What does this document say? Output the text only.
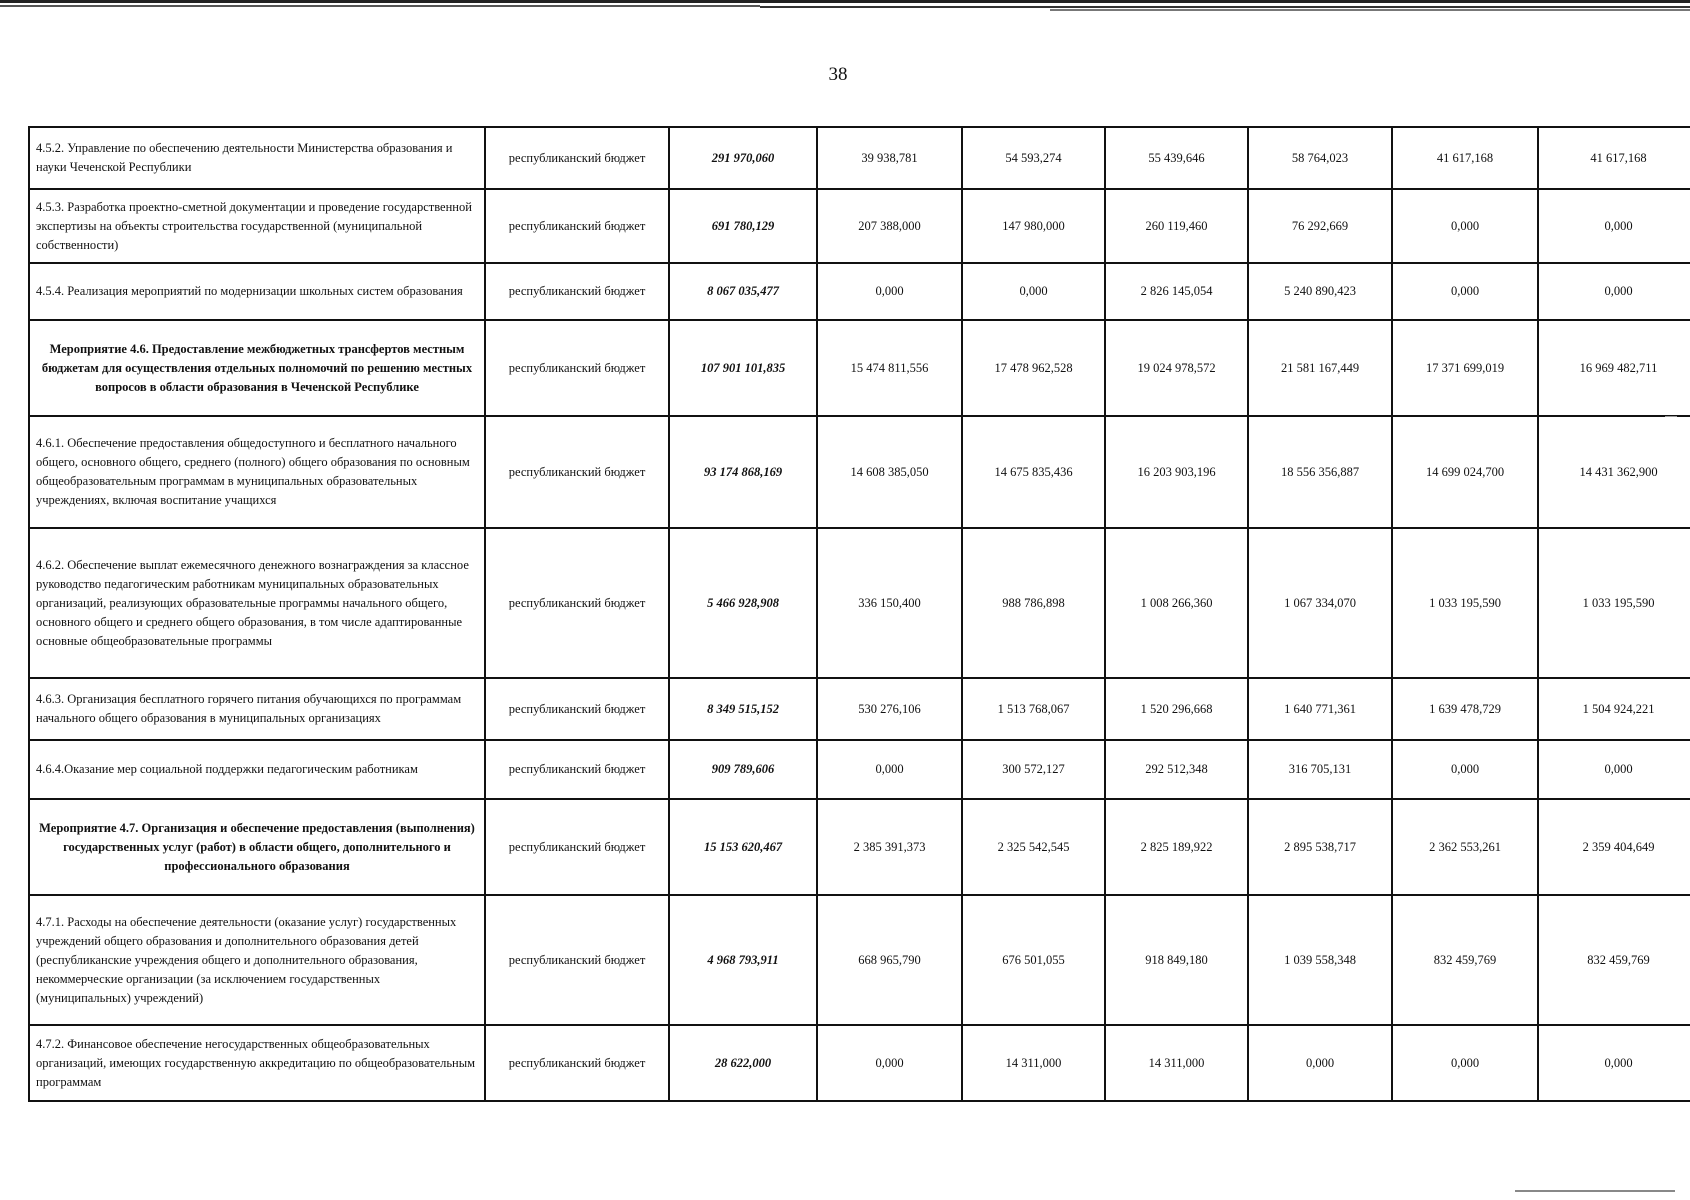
38
4.5.2. Управление по обеспечению деятельности Министерства образования и науки Чеченской Республики	республиканский бюджет	291 970,060	39 938,781	54 593,274	55 439,646	58 764,023	41 617,168	41 617,168
4.5.3. Разработка проектно-сметной документации и проведение государственной экспертизы на объекты строительства государственной (муниципальной собственности)	республиканский бюджет	691 780,129	207 388,000	147 980,000	260 119,460	76 292,669	0,000	0,000
4.5.4. Реализация мероприятий по модернизации школьных систем образования	республиканский бюджет	8 067 035,477	0,000	0,000	2 826 145,054	5 240 890,423	0,000	0,000
Мероприятие 4.6. Предоставление межбюджетных трансфертов местным бюджетам для осуществления отдельных полномочий по решению местных вопросов в области образования в Чеченской Республике	республиканский бюджет	107 901 101,835	15 474 811,556	17 478 962,528	19 024 978,572	21 581 167,449	17 371 699,019	16 969 482,711
4.6.1. Обеспечение предоставления общедоступного и бесплатного начального общего, основного общего, среднего (полного) общего образования по основным общеобразовательным программам в муниципальных образовательных учреждениях, включая воспитание учащихся	республиканский бюджет	93 174 868,169	14 608 385,050	14 675 835,436	16 203 903,196	18 556 356,887	14 699 024,700	14 431 362,900
4.6.2. Обеспечение выплат ежемесячного денежного вознаграждения за классное руководство педагогическим работникам муниципальных образовательных организаций, реализующих образовательные программы начального общего, основного общего и среднего общего образования, в том числе адаптированные основные общеобразовательные программы	республиканский бюджет	5 466 928,908	336 150,400	988 786,898	1 008 266,360	1 067 334,070	1 033 195,590	1 033 195,590
4.6.3. Организация бесплатного горячего питания обучающихся по программам начального общего образования в муниципальных организациях	республиканский бюджет	8 349 515,152	530 276,106	1 513 768,067	1 520 296,668	1 640 771,361	1 639 478,729	1 504 924,221
4.6.4.Оказание мер социальной поддержки педагогическим работникам	республиканский бюджет	909 789,606	0,000	300 572,127	292 512,348	316 705,131	0,000	0,000
Мероприятие 4.7. Организация и обеспечение предоставления (выполнения) государственных услуг (работ) в области общего, дополнительного и профессионального образования	республиканский бюджет	15 153 620,467	2 385 391,373	2 325 542,545	2 825 189,922	2 895 538,717	2 362 553,261	2 359 404,649
4.7.1. Расходы на обеспечение деятельности (оказание услуг) государственных учреждений общего образования и дополнительного образования детей (республиканские учреждения общего и дополнительного образования, некоммерческие организации (за исключением государственных (муниципальных) учреждений)	республиканский бюджет	4 968 793,911	668 965,790	676 501,055	918 849,180	1 039 558,348	832 459,769	832 459,769
4.7.2. Финансовое обеспечение негосударственных общеобразовательных организаций, имеющих государственную аккредитацию по общеобразовательным программам	республиканский бюджет	28 622,000	0,000	14 311,000	14 311,000	0,000	0,000	0,000
